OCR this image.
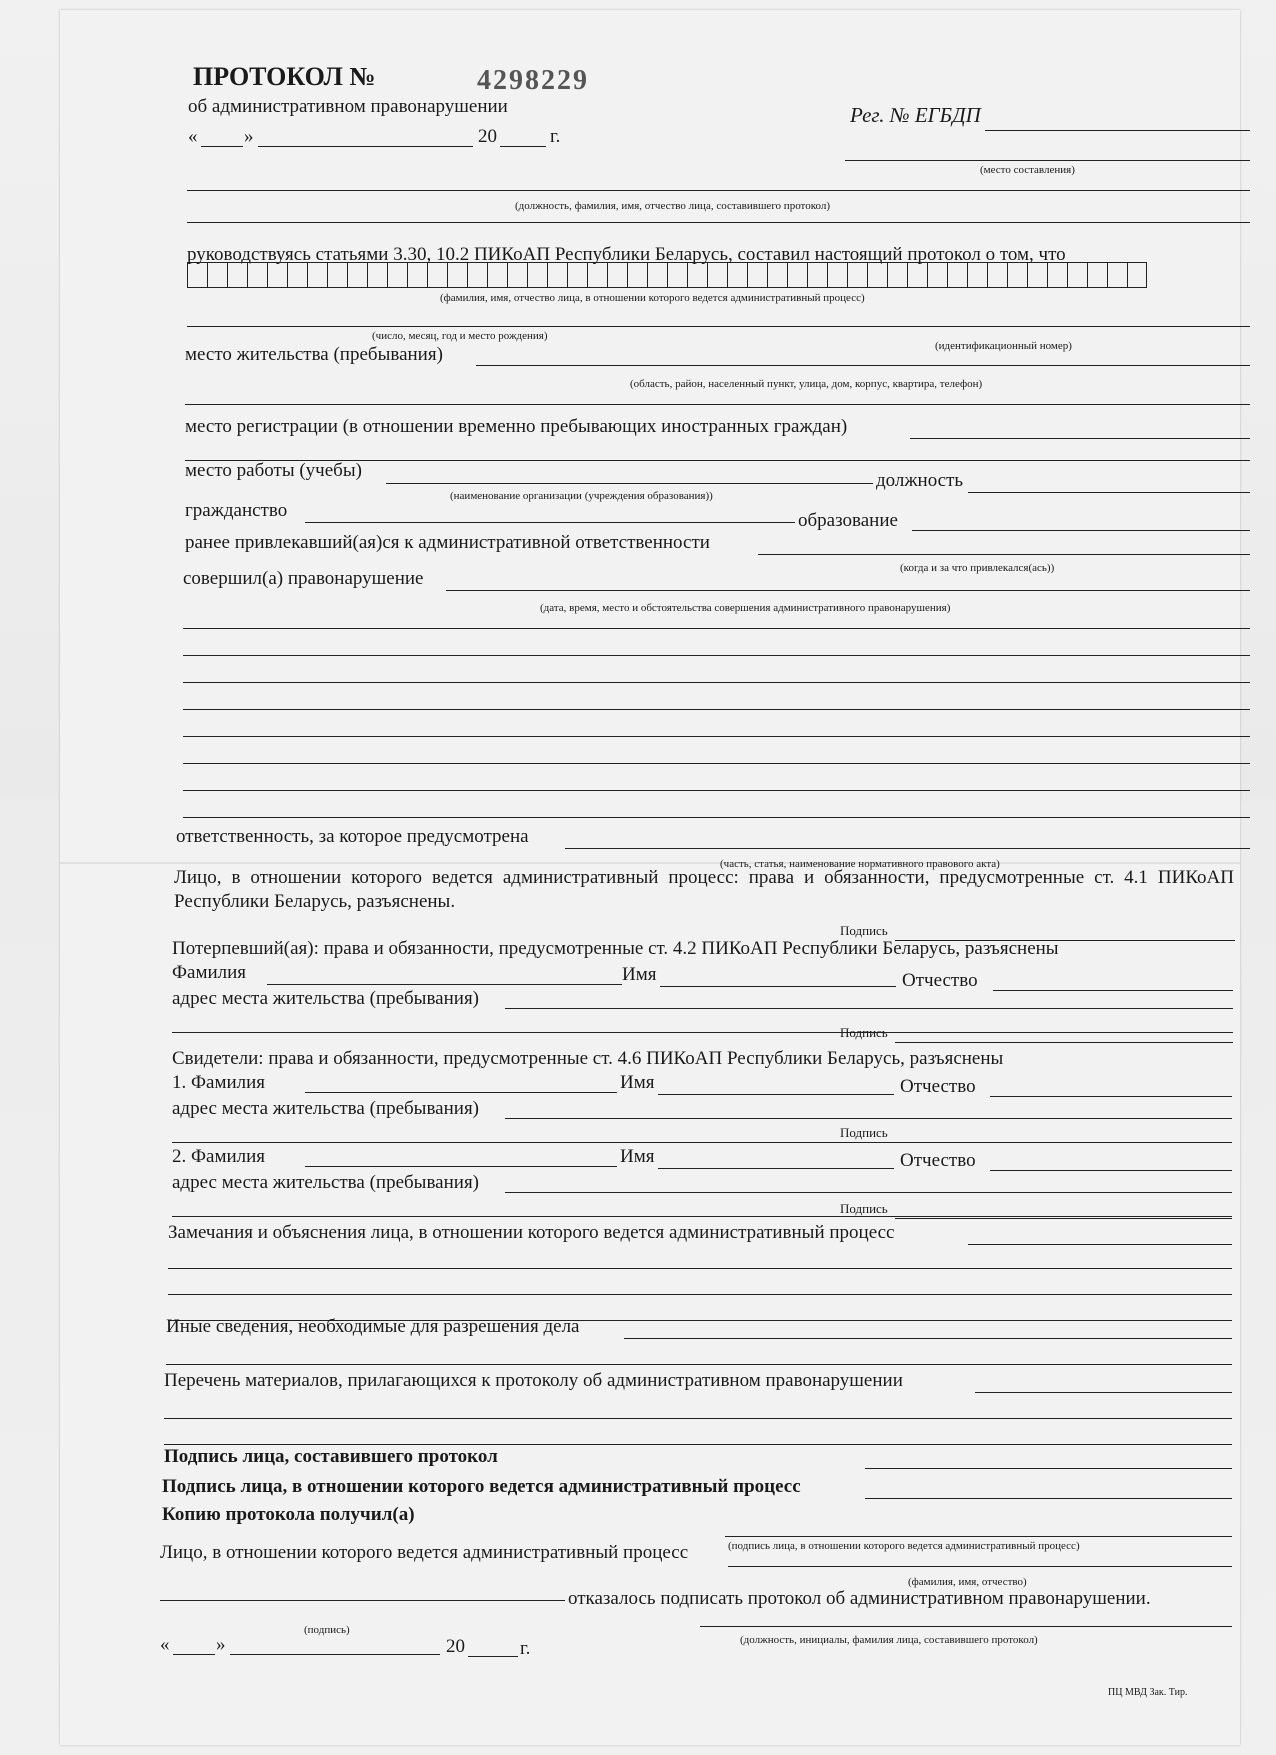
ПРОТОКОЛ №	4298229
об административном правонарушении	Рег. № ЕГБДП
« »	20	г.
(место составления)
(должность, фамилия, имя, отчество лица, составившего протокол)
руководствуясь статьями 3.30, 10.2 ПИКоАП Республики Беларусь, составил настоящий протокол о том, что
(фамилия, имя, отчество лица, в отношении которого ведется административный процесс)
(число, месяц, год и место рождения)
(идентификационный номер)
место жительства (пребывания)
(область, район, населенный пункт, улица, дом, корпус, квартира, телефон)
место регистрации (в отношении временно пребывающих иностранных граждан)
место работы (учебы)	должность
(наименование организации (учреждения образования))
гражданство	образование
ранее привлекавший(ая)ся к административной ответственности
(когда и за что привлекался(ась))
совершил(а) правонарушение
(дата, время, место и обстоятельства совершения административного правонарушения)
ответственность, за которое предусмотрена
(часть, статья, наименование нормативного правового акта)
Лицо, в отношении которого ведется административный процесс: права и обязанности, предусмотренные ст. 4.1 ПИКоАП Республики Беларусь, разъяснены.
Подпись
Потерпевший(ая): права и обязанности, предусмотренные ст. 4.2 ПИКоАП Республики Беларусь, разъяснены
Фамилия	Имя	Отчество
адрес места жительства (пребывания)
Подпись
Свидетели: права и обязанности, предусмотренные ст. 4.6 ПИКоАП Республики Беларусь, разъяснены
1. Фамилия	Имя	Отчество
адрес места жительства (пребывания)
Подпись
2. Фамилия	Имя	Отчество
адрес места жительства (пребывания)
Подпись
Замечания и объяснения лица, в отношении которого ведется административный процесс
Иные сведения, необходимые для разрешения дела
Перечень материалов, прилагающихся к протоколу об административном правонарушении
Подпись лица, составившего протокол
Подпись лица, в отношении которого ведется административный процесс
Копию протокола получил(а)
(подпись лица, в отношении которого ведется административный процесс)
Лицо, в отношении которого ведется административный процесс
(фамилия, имя, отчество)
отказалось подписать протокол об административном правонарушении.
(подпись)
(должность, инициалы, фамилия лица, составившего протокол)
« »	20	г.
ПЦ МВД Зак. Тир.
